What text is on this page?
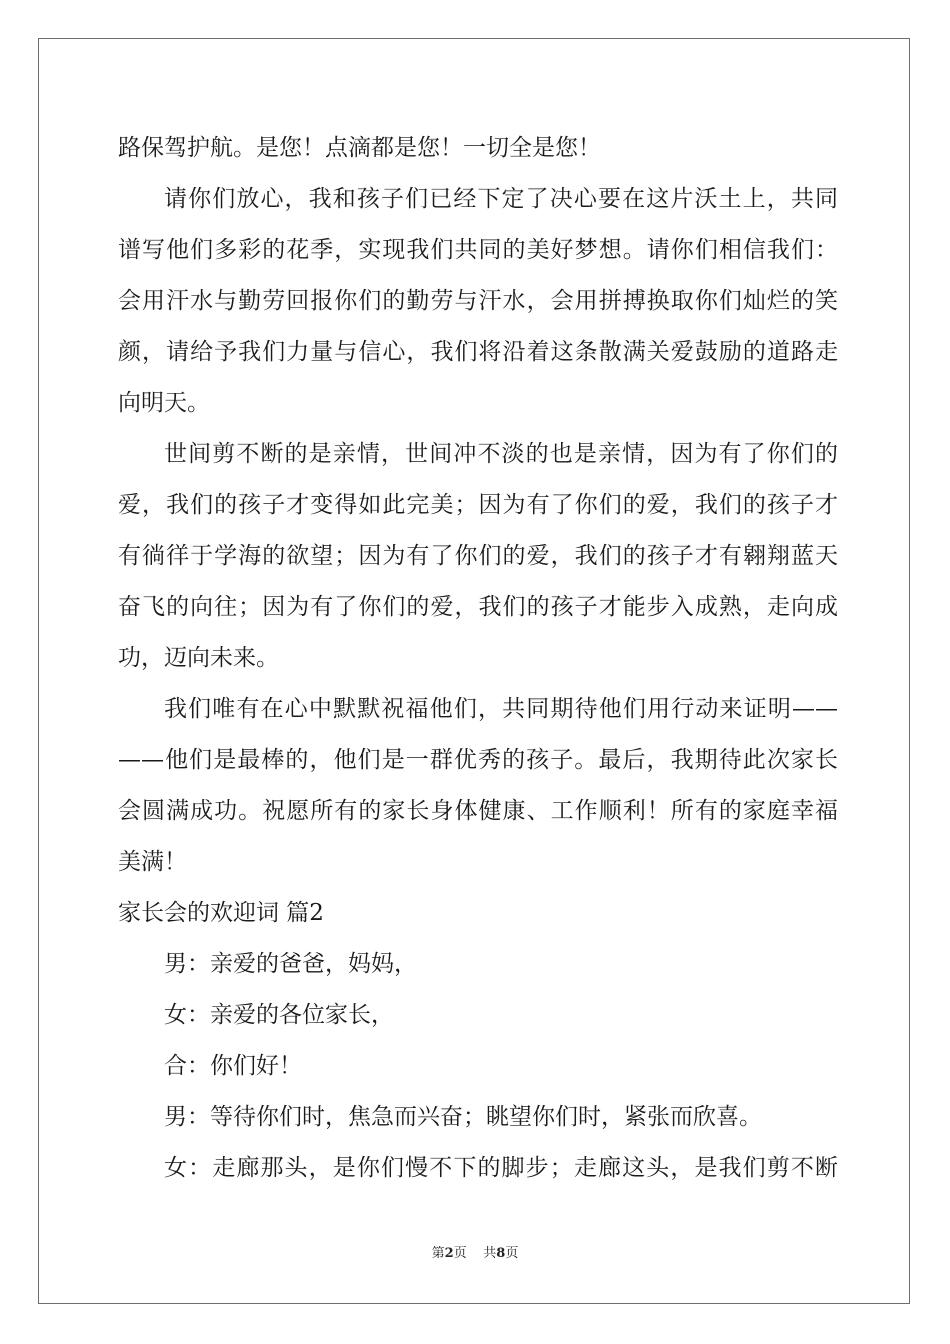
路保驾护航。是您！点滴都是您！一切全是您！
请你们放心，我和孩子们已经下定了决心要在这片沃土上，共同
谱写他们多彩的花季，实现我们共同的美好梦想。请你们相信我们：
会用汗水与勤劳回报你们的勤劳与汗水，会用拼搏换取你们灿烂的笑
颜，请给予我们力量与信心，我们将沿着这条散满关爱鼓励的道路走
向明天。
世间剪不断的是亲情，世间冲不淡的也是亲情，因为有了你们的
爱，我们的孩子才变得如此完美；因为有了你们的爱，我们的孩子才
有徜徉于学海的欲望；因为有了你们的爱，我们的孩子才有翱翔蓝天
奋飞的向往；因为有了你们的爱，我们的孩子才能步入成熟，走向成
功，迈向未来。
我们唯有在心中默默祝福他们，共同期待他们用行动来证明——
——他们是最棒的，他们是一群优秀的孩子。最后，我期待此次家长
会圆满成功。祝愿所有的家长身体健康、工作顺利！所有的家庭幸福
美满！
家长会的欢迎词 篇2
男：亲爱的爸爸，妈妈，
女：亲爱的各位家长，
合：你们好！
男：等待你们时，焦急而兴奋；眺望你们时，紧张而欣喜。
女：走廊那头，是你们慢不下的脚步；走廊这头，是我们剪不断
第2页 共8页
